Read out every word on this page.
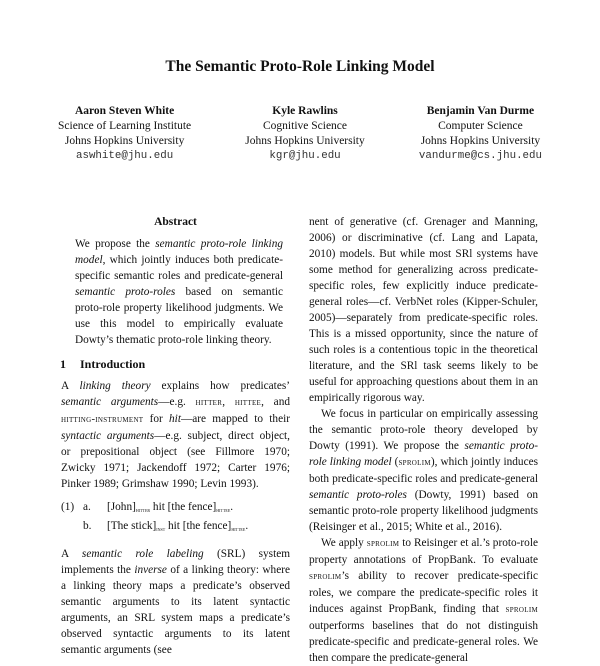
The Semantic Proto-Role Linking Model
Aaron Steven White
Science of Learning Institute
Johns Hopkins University
aswhite@jhu.edu
Kyle Rawlins
Cognitive Science
Johns Hopkins University
kgr@jhu.edu
Benjamin Van Durme
Computer Science
Johns Hopkins University
vandurme@cs.jhu.edu
Abstract

We propose the semantic proto-role linking model, which jointly induces both predicate-specific semantic roles and predicate-general semantic proto-roles based on semantic proto-role property likelihood judgments. We use this model to empirically evaluate Dowty’s thematic proto-role linking theory.

1 Introduction

A linking theory explains how predicates’ semantic arguments—e.g. hitter, hittee, and hitting-instrument for hit—are mapped to their syntactic arguments—e.g. subject, direct object, or prepositional object (see Fillmore 1970; Zwicky 1971; Jackendoff 1972; Carter 1976; Pinker 1989; Grimshaw 1990; Levin 1993).

(1) a.	$[John]_{hitter}$ hit [the $fence]_{hittee}$.
b.	[The $stick]_{inst}$ hit [the $fence]_{hittee}$.

A semantic role labeling (SRL) system implements the inverse of a linking theory: where a linking theory maps a predicate’s observed semantic arguments to its latent syntactic arguments, an SRL system maps a predicate’s observed syntactic arguments to its latent semantic arguments (see

nent of generative (cf. Grenager and Manning, 2006) or discriminative (cf. Lang and Lapata, 2010) models. But while most SRl systems have some method for generalizing across predicate-specific roles, few explicitly induce predicate-general roles—cf. VerbNet roles (Kipper-Schuler, 2005)—separately from predicate-specific roles. This is a missed opportunity, since the nature of such roles is a contentious topic in the theoretical literature, and the SRl task seems likely to be useful for approaching questions about them in an empirically rigorous way.

We focus in particular on empirically assessing the semantic proto-role theory developed by Dowty (1991). We propose the semantic proto-role linking model (sprolim), which jointly induces both predicate-specific roles and predicate-general semantic proto-roles (Dowty, 1991) based on semantic proto-role property likelihood judgments (Reisinger et al., 2015; White et al., 2016).

We apply sprolim to Reisinger et al.’s proto-role property annotations of PropBank. To evaluate sprolim’s ability to recover predicate-specific roles, we compare the predicate-specific roles it induces against PropBank, finding that sprolim outperforms baselines that do not distinguish predicate-specific and predicate-general roles. We then compare the predicate-general
